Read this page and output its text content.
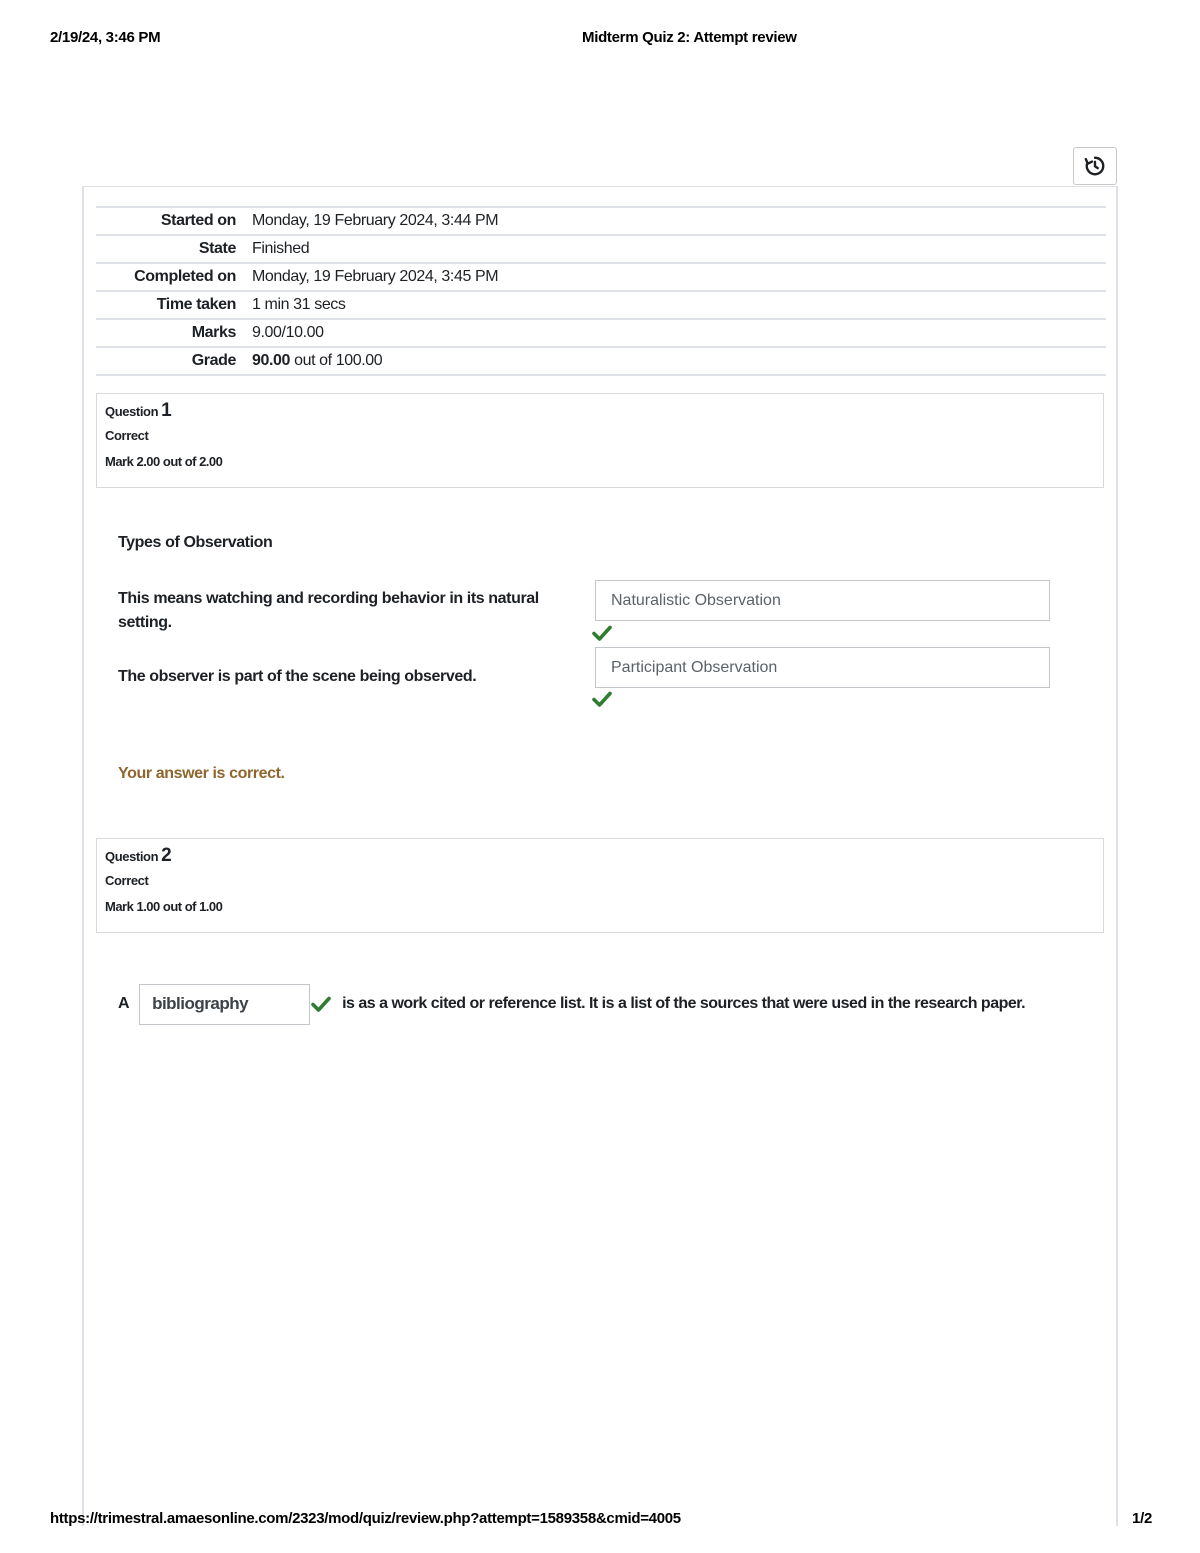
2/19/24, 3:46 PM	Midterm Quiz 2: Attempt review
Started on	Monday, 19 February 2024, 3:44 PM
State	Finished
Completed on	Monday, 19 February 2024, 3:45 PM
Time taken	1 min 31 secs
Marks	9.00/10.00
Grade	90.00 out of 100.00
Question 1
Correct
Mark 2.00 out of 2.00
Types of Observation
This means watching and recording behavior in its natural setting.
Naturalistic Observation
The observer is part of the scene being observed.
Participant Observation
Your answer is correct.
Question 2
Correct
Mark 1.00 out of 1.00
A	bibliography	is as a work cited or reference list. It is a list of the sources that were used in the research paper.
https://trimestral.amaesonline.com/2323/mod/quiz/review.php?attempt=1589358&cmid=4005	1/2
